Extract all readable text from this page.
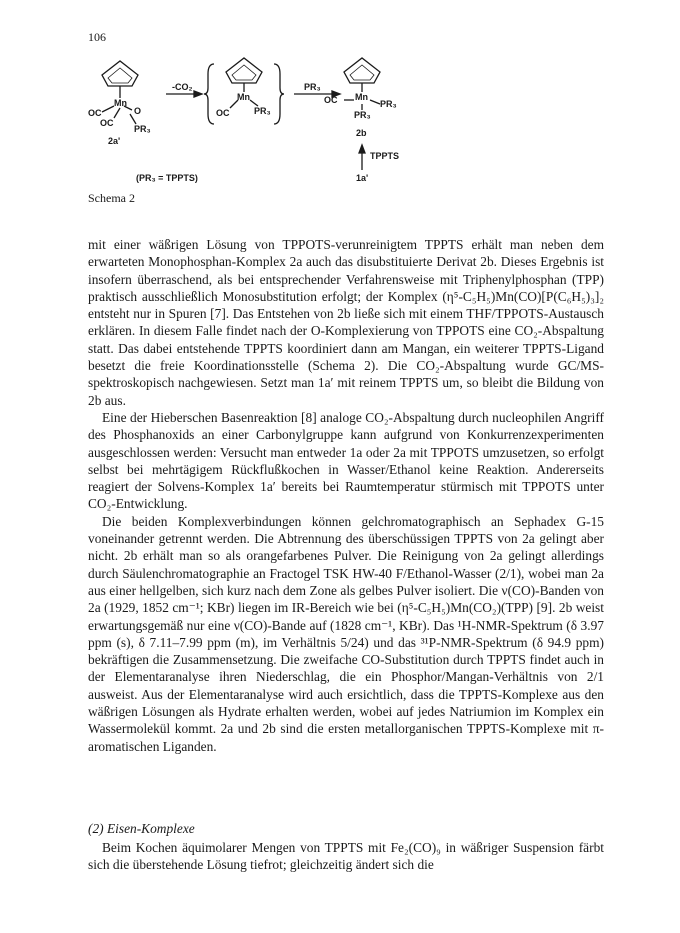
106
Mn
OC
OC
O
PR₃
2a'
-CO₂
Mn
OC	PR₃
PR₃
OC Mn
PR₃
PR₃
2b
TPPTS
1a'
(PR₃ = TPPTS)
Schema 2

mit einer wäßrigen Lösung von TPPOTS-verunreinigtem TPPTS erhält man neben dem erwarteten Monophosphan-Komplex 2a auch das disubstituierte Derivat 2b. Dieses Ergebnis ist insofern überraschend, als bei entsprechender Verfahrensweise mit Triphenylphosphan (TPP) praktisch ausschließlich Monosubstitution erfolgt; der Komplex (η⁵-C₅H₅)Mn(CO)[P(C₆H₅)₃]₂ entsteht nur in Spuren [7]. Das Entstehen von 2b ließe sich mit einem THF/TPPOTS-Austausch erklären. In diesem Falle findet nach der O-Komplexierung von TPPOTS eine CO₂-Abspaltung statt. Das dabei entstehende TPPTS koordiniert dann am Mangan, ein weiterer TPPTS-Ligand besetzt die freie Koordinationsstelle (Schema 2). Die CO₂-Abspaltung wurde GC/MS-spektroskopisch nachgewiesen. Setzt man 1a′ mit reinem TPPTS um, so bleibt die Bildung von 2b aus.

Eine der Hieberschen Basenreaktion [8] analoge CO₂-Abspaltung durch nucleophilen Angriff des Phosphanoxids an einer Carbonylgruppe kann aufgrund von Konkurrenzexperimenten ausgeschlossen werden: Versucht man entweder 1a oder 2a mit TPPOTS umzusetzen, so erfolgt selbst bei mehrtägigem Rückflußkochen in Wasser/Ethanol keine Reaktion. Andererseits reagiert der Solvens-Komplex 1a′ bereits bei Raumtemperatur stürmisch mit TPPOTS unter CO₂-Entwicklung.

Die beiden Komplexverbindungen können gelchromatographisch an Sephadex G-15 voneinander getrennt werden. Die Abtrennung des überschüssigen TPPTS von 2a gelingt aber nicht. 2b erhält man so als orangefarbenes Pulver. Die Reinigung von 2a gelingt allerdings durch Säulenchromatographie an Fractogel TSK HW-40 F/Ethanol-Wasser (2/1), wobei man 2a aus einer hellgelben, sich kurz nach dem Zone als gelbes Pulver isoliert. Die ν(CO)-Banden von 2a (1929, 1852 cm⁻¹; KBr) liegen im IR-Bereich wie bei (η⁵-C₅H₅)Mn(CO₂)(TPP) [9]. 2b weist erwartungsgemäß nur eine ν(CO)-Bande auf (1828 cm⁻¹, KBr). Das ¹H-NMR-Spektrum (δ 3.97 ppm (s), δ 7.11–7.99 ppm (m), im Verhältnis 5/24) und das ³¹P-NMR-Spektrum (δ 94.9 ppm) bekräftigen die Zusammensetzung. Die zweifache CO-Substitution durch TPPTS findet auch in der Elementaranalyse ihren Niederschlag, die ein Phosphor/Mangan-Verhältnis von 2/1 ausweist. Aus der Elementaranalyse wird auch ersichtlich, dass die TPPTS-Komplexe aus den wäßrigen Lösungen als Hydrate erhalten werden, wobei auf jedes Natriumion im Komplex ein Wassermolekül kommt. 2a und 2b sind die ersten metallorganischen TPPTS-Komplexe mit π-aromatischen Liganden.

(2) Eisen-Komplexe

Beim Kochen äquimolarer Mengen von TPPTS mit Fe₂(CO)₉ in wäßriger Suspension färbt sich die überstehende Lösung tiefrot; gleichzeitig ändert sich die
